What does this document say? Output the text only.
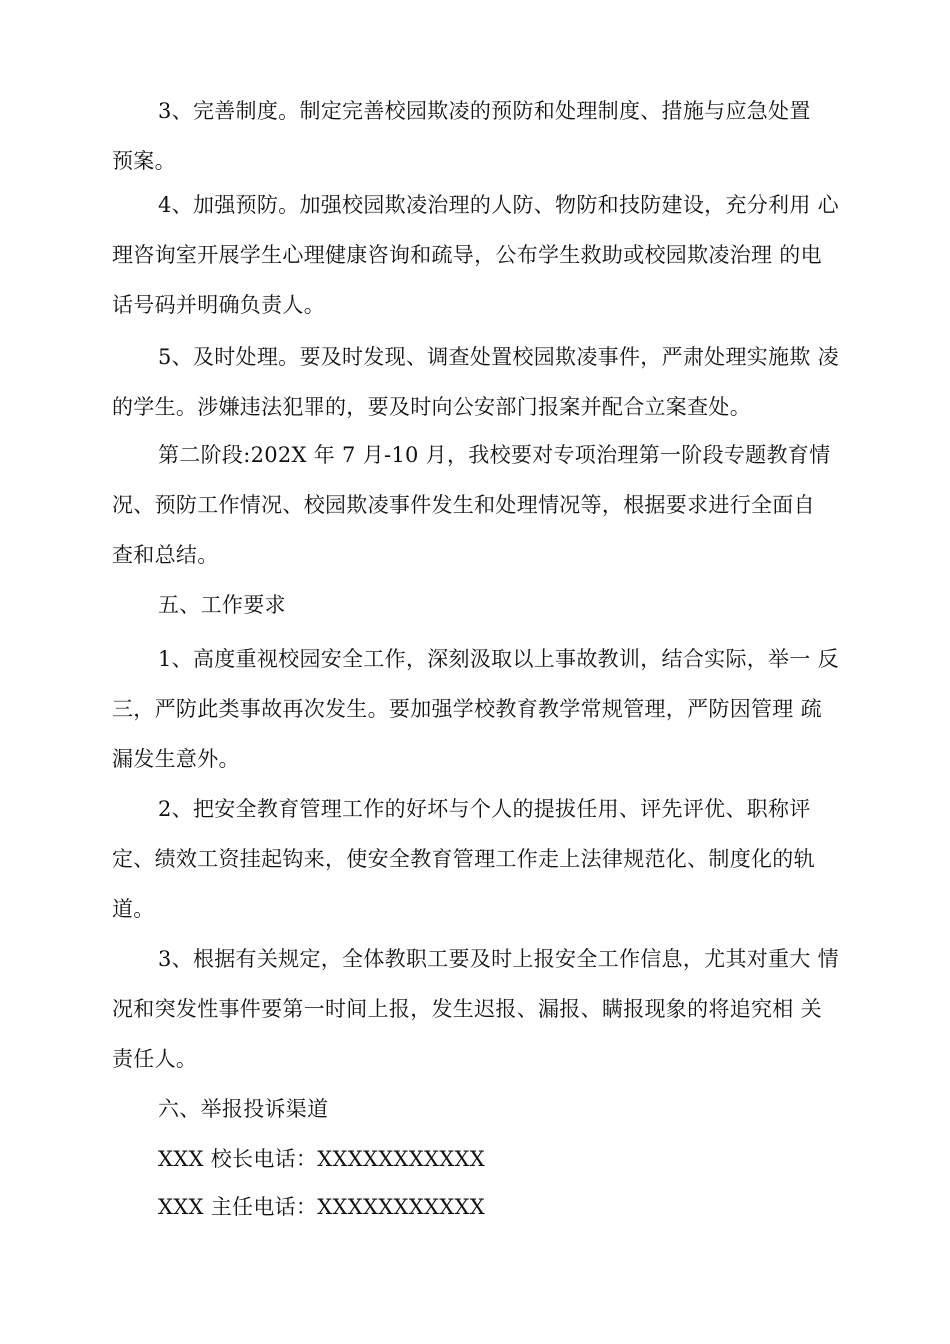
3、完善制度。制定完善校园欺凌的预防和处理制度、措施与应急处置
预案。

4、加强预防。加强校园欺凌治理的人防、物防和技防建设，充分利用 心
理咨询室开展学生心理健康咨询和疏导，公布学生救助或校园欺凌治理 的电
话号码并明确负责人。

5、及时处理。要及时发现、调查处置校园欺凌事件，严肃处理实施欺 凌
的学生。涉嫌违法犯罪的，要及时向公安部门报案并配合立案查处。

第二阶段:202X 年 7 月-10 月，我校要对专项治理第一阶段专题教育情
况、预防工作情况、校园欺凌事件发生和处理情况等，根据要求进行全面自
查和总结。

五、工作要求

1、高度重视校园安全工作，深刻汲取以上事故教训，结合实际，举一 反
三，严防此类事故再次发生。要加强学校教育教学常规管理，严防因管理 疏
漏发生意外。

2、把安全教育管理工作的好坏与个人的提拔任用、评先评优、职称评
定、绩效工资挂起钩来，使安全教育管理工作走上法律规范化、制度化的轨
道。

3、根据有关规定，全体教职工要及时上报安全工作信息，尤其对重大 情
况和突发性事件要第一时间上报，发生迟报、漏报、瞒报现象的将追究相 关
责任人。

六、举报投诉渠道

XXX 校长电话：XXXXXXXXXXX

XXX 主任电话：XXXXXXXXXXX
